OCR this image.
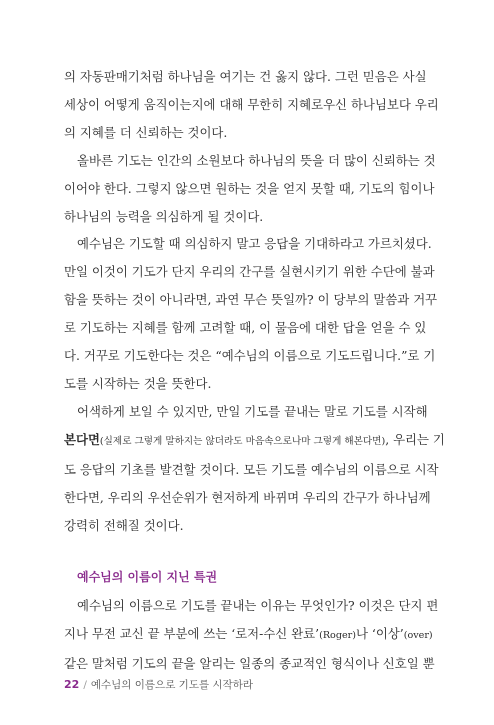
의 자동판매기처럼 하나님을 여기는 건 옳지 않다. 그런 믿음은 사실
세상이 어떻게 움직이는지에 대해 무한히 지혜로우신 하나님보다 우리
의 지혜를 더 신뢰하는 것이다.

올바른 기도는 인간의 소원보다 하나님의 뜻을 더 많이 신뢰하는 것
이어야 한다. 그렇지 않으면 원하는 것을 얻지 못할 때, 기도의 힘이나
하나님의 능력을 의심하게 될 것이다.

예수님은 기도할 때 의심하지 말고 응답을 기대하라고 가르치셨다.
만일 이것이 기도가 단지 우리의 간구를 실현시키기 위한 수단에 불과
함을 뜻하는 것이 아니라면, 과연 무슨 뜻일까? 이 당부의 말씀과 거꾸
로 기도하는 지혜를 함께 고려할 때, 이 물음에 대한 답을 얻을 수 있
다. 거꾸로 기도한다는 것은 “예수님의 이름으로 기도드립니다.”로 기
도를 시작하는 것을 뜻한다.

어색하게 보일 수 있지만, 만일 기도를 끝내는 말로 기도를 시작해
본다면(실제로 그렇게 말하지는 않더라도 마음속으로나마 그렇게 해본다면), 우리는 기
도 응답의 기초를 발견할 것이다. 모든 기도를 예수님의 이름으로 시작
한다면, 우리의 우선순위가 현저하게 바뀌며 우리의 간구가 하나님께
강력히 전해질 것이다.

예수님의 이름이 지닌 특권

예수님의 이름으로 기도를 끝내는 이유는 무엇인가? 이것은 단지 편
지나 무전 교신 끝 부분에 쓰는 ‘로저-수신 완료’(Roger)나 ‘이상’(over)
같은 말처럼 기도의 끝을 알리는 일종의 종교적인 형식이나 신호일 뿐

22 / 예수님의 이름으로 기도를 시작하라
